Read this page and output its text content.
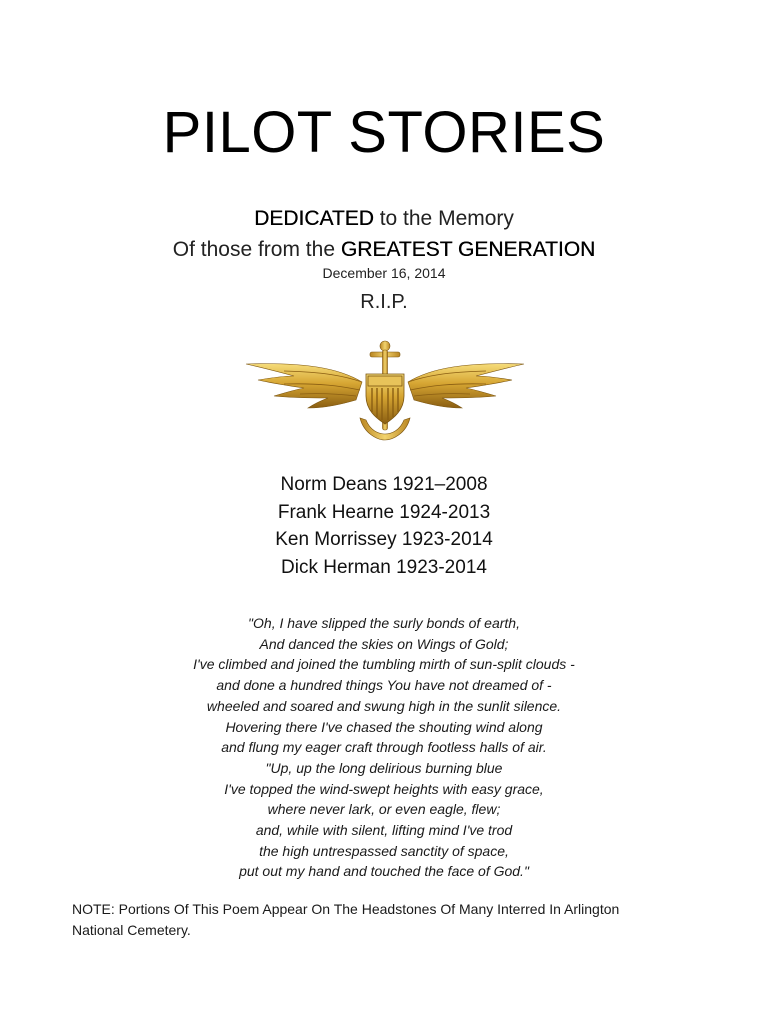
PILOT STORIES
DEDICATED to the Memory
Of those from the GREATEST GENERATION
December 16, 2014
R.I.P.
Norm Deans 1921–2008
Frank Hearne 1924-2013
Ken Morrissey 1923-2014
Dick Herman 1923-2014
"Oh, I have slipped the surly bonds of earth,
And danced the skies on Wings of Gold;
I've climbed and joined the tumbling mirth of sun-split clouds -
and done a hundred things You have not dreamed of -
wheeled and soared and swung high in the sunlit silence.
Hovering there I've chased the shouting wind along
and flung my eager craft through footless halls of air.
"Up, up the long delirious burning blue
I've topped the wind-swept heights with easy grace,
where never lark, or even eagle, flew;
and, while with silent, lifting mind I've trod
the high untrespassed sanctity of space,
put out my hand and touched the face of God."
NOTE: Portions Of This Poem Appear On The Headstones Of Many Interred In Arlington National Cemetery.
